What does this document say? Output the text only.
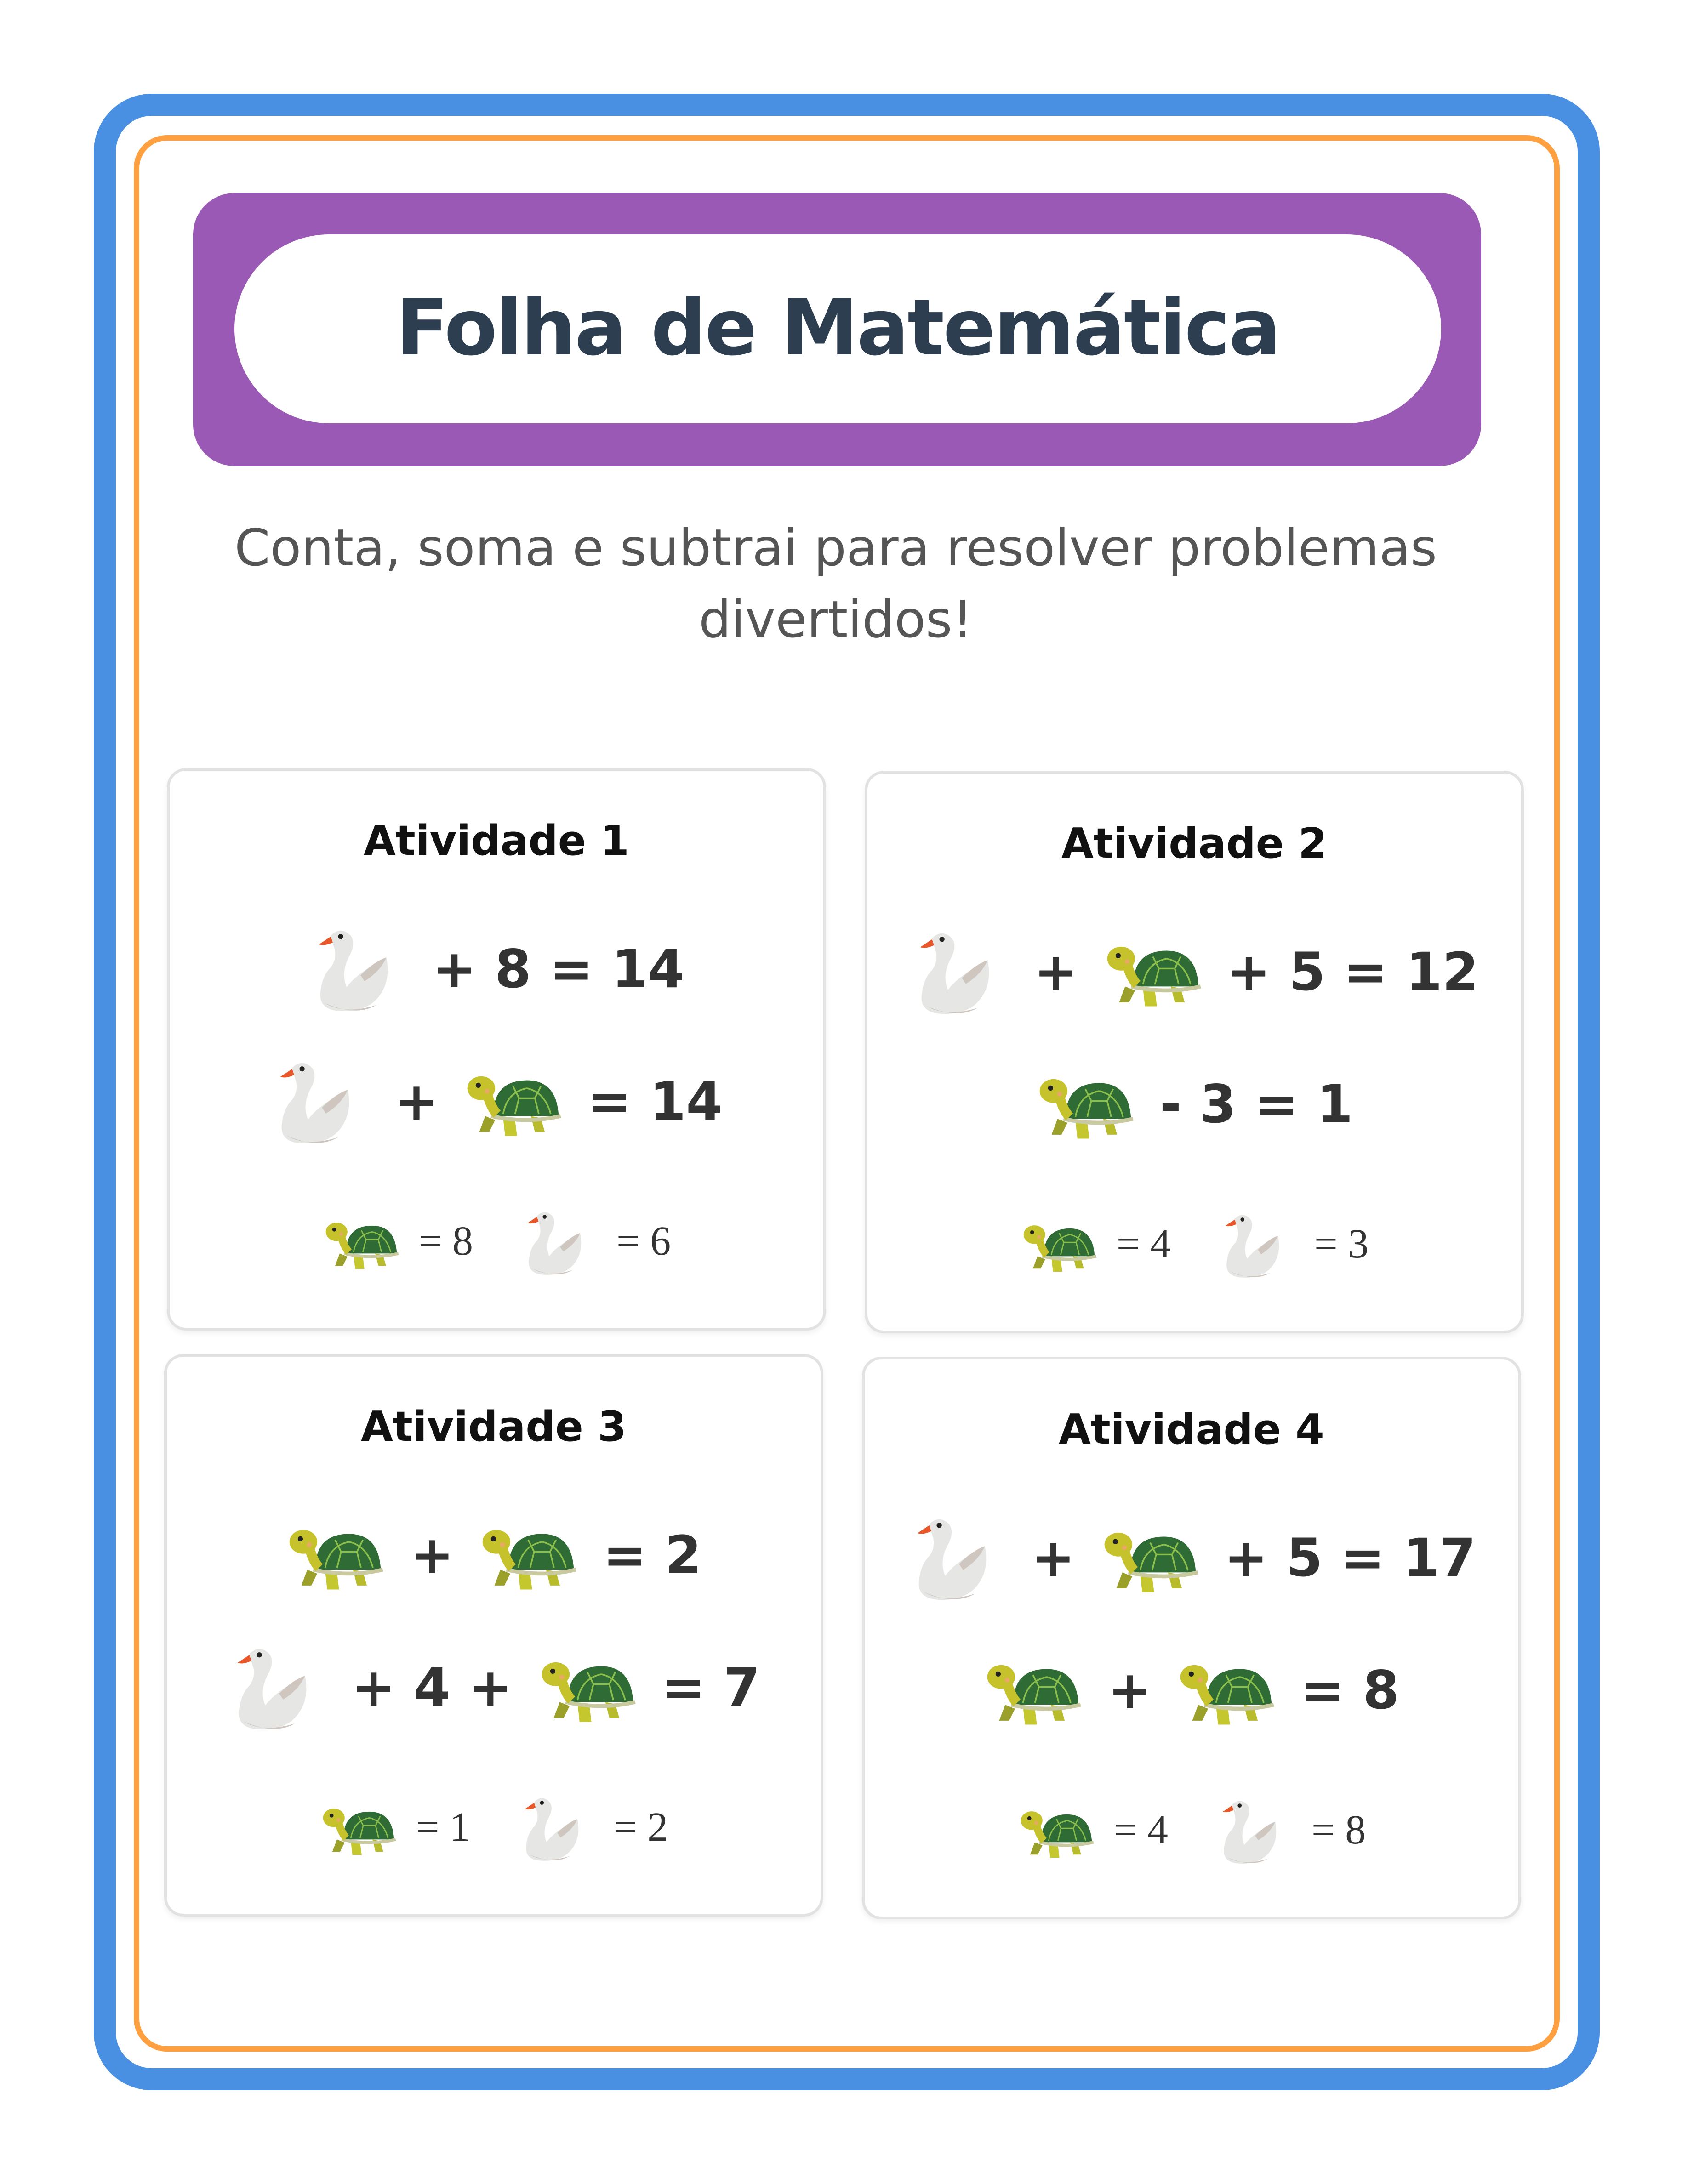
Folha de Matemática
Conta, soma e subtrai para resolver problemas divertidos!
Atividade 1
+ 8 = 14
+	= 14
= 8	= 6
Atividade 2
+	+ 5 = 12
- 3 = 1
= 4	= 3
Atividade 3
+	= 2
+ 4 +	= 7
= 1	= 2
Atividade 4
+	+ 5 = 17
+	= 8
= 4	= 8
